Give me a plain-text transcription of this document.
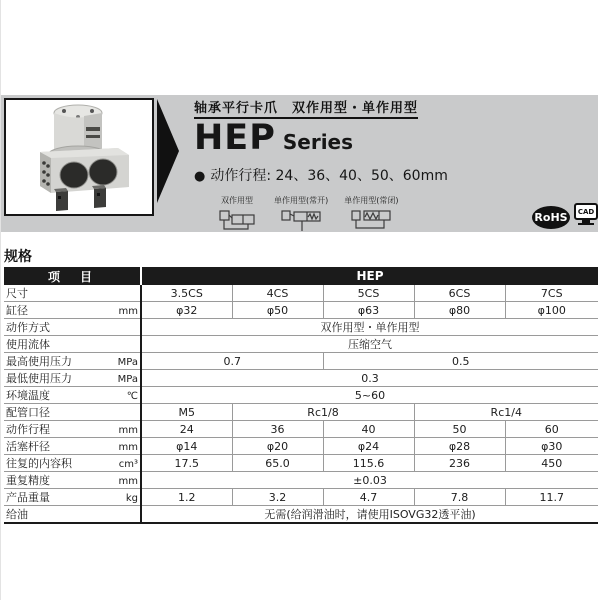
轴承平行卡爪　双作用型・单作用型
HEP Series
● 动作行程: 24、36、40、50、60mm
双作用型	单作用型(常开) 单作用型(常闭)
RoHS	CAD
规格
项　目	HEP				

尺寸	3.5CS	4CS	5CS	6CS	7CS

缸径 mm	φ32	φ50	φ63	φ80	φ100

动作方式	双作用型・单作用型				

使用流体	压缩空气				

最高使用压力 MPa	0.7		0.5		

最低使用压力 MPa	0.3				

环境温度 ℃	5~60				

配管口径	M5	Rc1/8		Rc1/4	

动作行程 mm	24	36	40	50	60

活塞杆径 mm	φ14	φ20	φ24	φ28	φ30

往复的内容积 cm³	17.5	65.0	115.6	236	450

重复精度 mm	±0.03				

产品重量 kg	1.2	3.2	4.7	7.8	11.7

给油	无需(给润滑油时，请使用ISOVG32透平油)				
